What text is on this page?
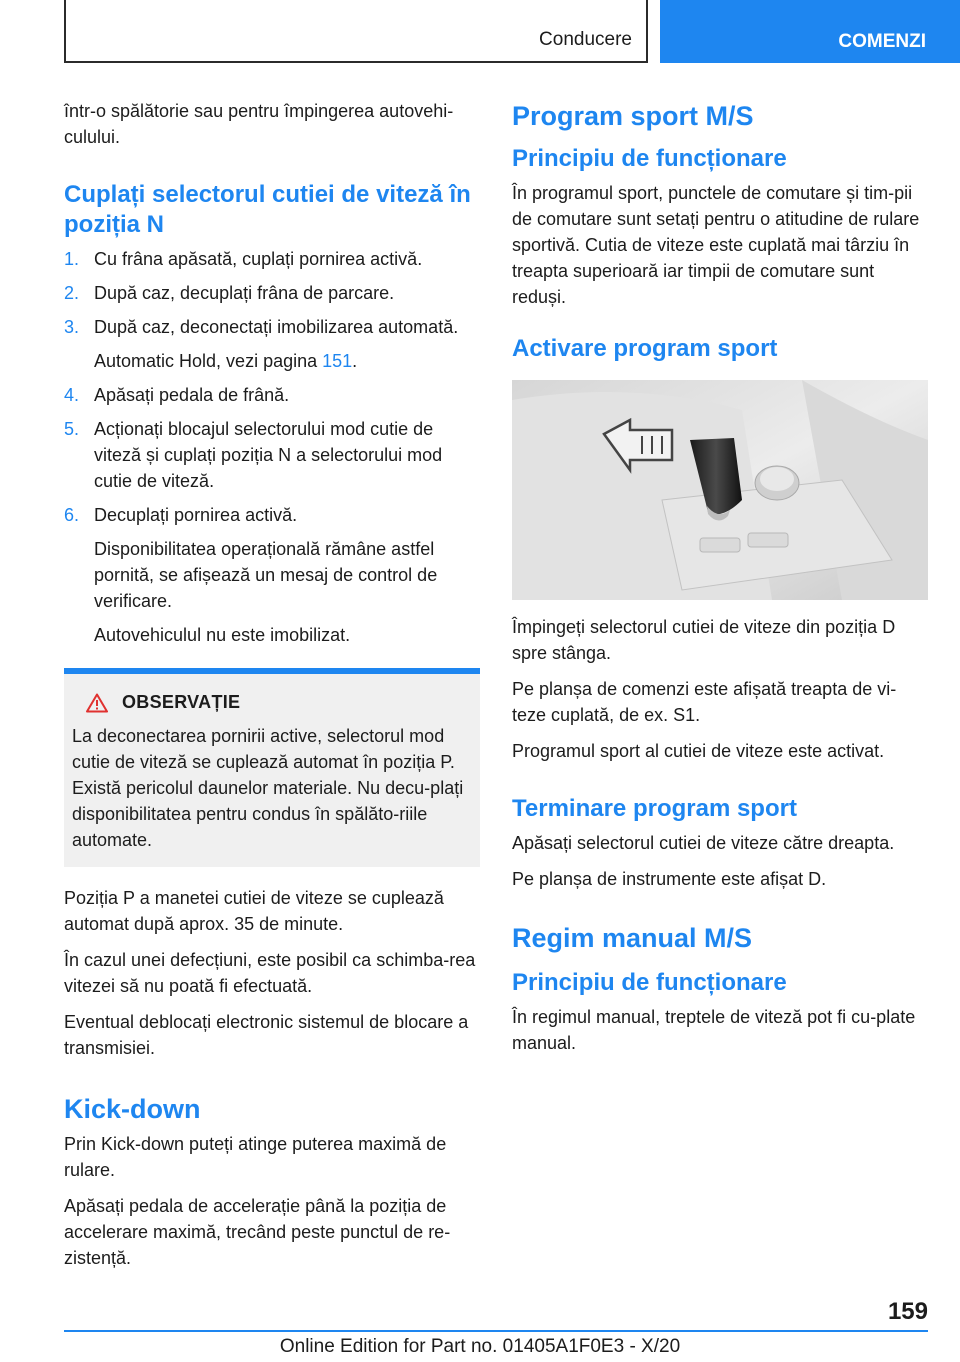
Conducere	COMENZI

într-o spălătorie sau pentru împingerea autovehi-culului.

Cuplați selectorul cutiei de viteză în poziția N
1. Cu frâna apăsată, cuplați pornirea activă.
2. După caz, decuplați frâna de parcare.
3. După caz, deconectați imobilizarea automată.
Automatic Hold, vezi pagina 151.
4. Apăsați pedala de frână.
5. Acționați blocajul selectorului mod cutie de viteză și cuplați poziția N a selectorului mod cutie de viteză.
6. Decuplați pornirea activă.
Disponibilitatea operațională rămâne astfel pornită, se afișează un mesaj de control de verificare.
Autovehiculul nu este imobilizat.
OBSERVAȚIE

La deconectarea pornirii active, selectorul mod cutie de viteză se cuplează automat în poziția P. Există pericolul daunelor materiale. Nu decu-plați disponibilitatea pentru condus în spălăto-riile automate.

Poziția P a manetei cutiei de viteze se cuplează automat după aprox. 35 de minute.

În cazul unei defecțiuni, este posibil ca schimba-rea vitezei să nu poată fi efectuată.

Eventual deblocați electronic sistemul de blocare a transmisiei.

Kick-down

Prin Kick-down puteți atinge puterea maximă de rulare.

Apăsați pedala de accelerație până la poziția de accelerare maximă, trecând peste punctul de re-zistență.

Program sport M/S
Principiu de funcționare

În programul sport, punctele de comutare și tim-pii de comutare sunt setați pentru o atitudine de rulare sportivă. Cutia de viteze este cuplată mai târziu în treapta superioară iar timpii de comutare sunt reduși.

Activare program sport

Împingeți selectorul cutiei de viteze din poziția D spre stânga.

Pe planșa de comenzi este afișată treapta de vi-teze cuplată, de ex. S1.

Programul sport al cutiei de viteze este activat.

Terminare program sport

Apăsați selectorul cutiei de viteze către dreapta.

Pe planșa de instrumente este afișat D.

Regim manual M/S
Principiu de funcționare

În regimul manual, treptele de viteză pot fi cu-plate manual.

159
Online Edition for Part no. 01405A1F0E3 - X/20
